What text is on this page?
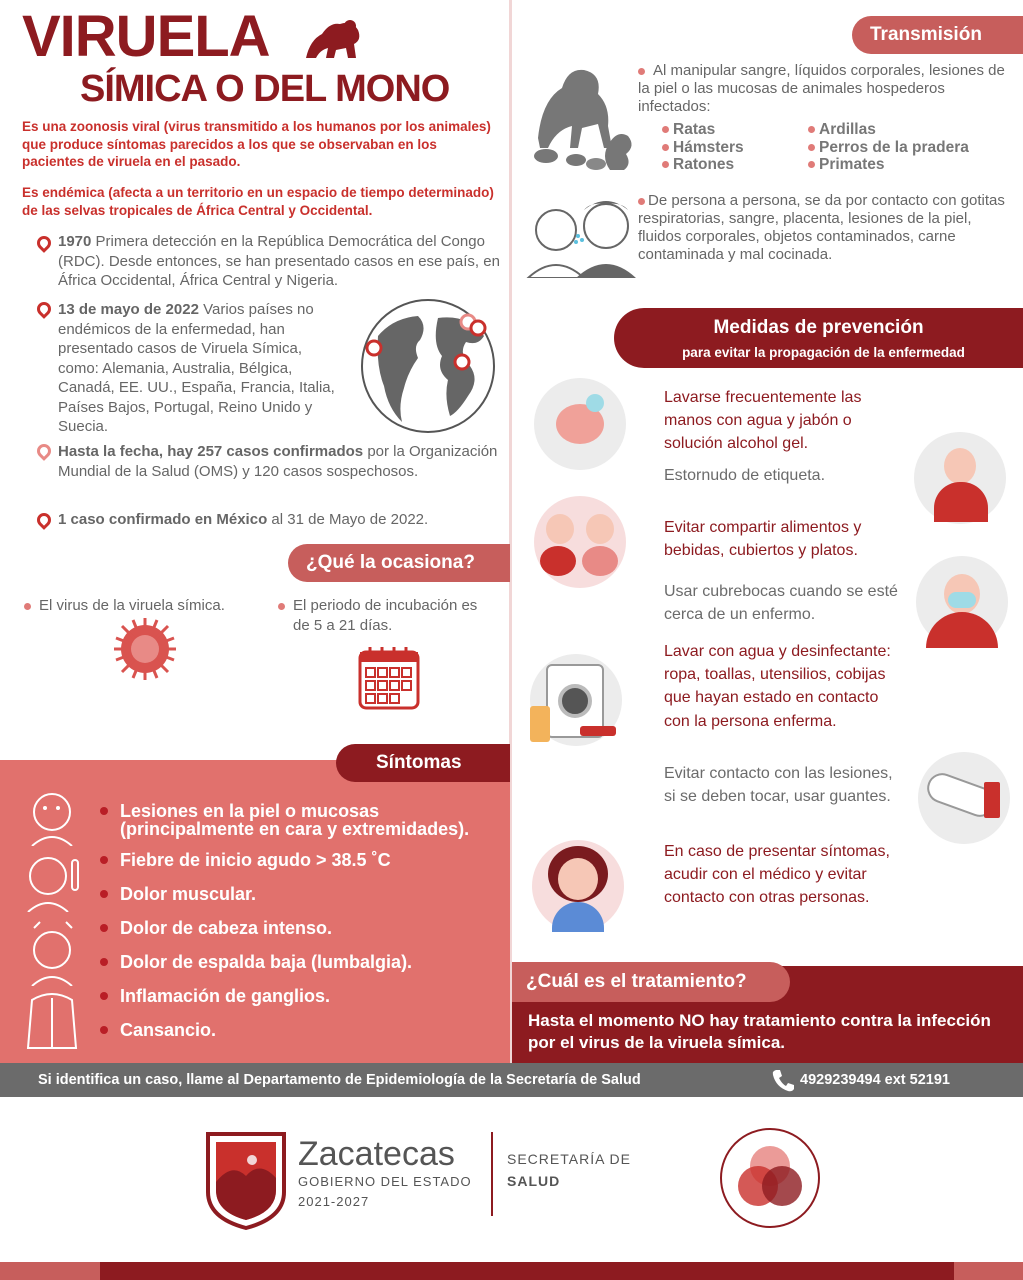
VIRUELA
SÍMICA O DEL MONO
Es una zoonosis viral (virus transmitido a los humanos por los animales) que produce síntomas parecidos a los que se observaban en los pacientes de viruela en el pasado.
Es endémica (afecta a un territorio en un espacio de tiempo determinado) de las selvas tropicales de África Central y Occidental.
1970 Primera detección en la República Democrática del Congo (RDC). Desde entonces, se han presentado casos en ese país, en África Occidental, África Central y Nigeria.
13 de mayo de 2022 Varios países no endémicos de la enfermedad, han presentado casos de Viruela Símica, como: Alemania, Australia, Bélgica, Canadá, EE. UU., España, Francia, Italia, Países Bajos, Portugal, Reino Unido y Suecia.
Hasta la fecha, hay 257 casos confirmados por la Organización Mundial de la Salud (OMS) y 120 casos sospechosos.
1 caso confirmado en México al 31 de Mayo de 2022.
¿Qué la ocasiona?
El virus de la viruela símica.	El periodo de incubación es de 5 a 21 días.
Síntomas
Lesiones en la piel o mucosas (principalmente en cara y extremidades).
Fiebre de inicio agudo > 38.5 ˚C
Dolor muscular.
Dolor de cabeza intenso.
Dolor de espalda baja (lumbalgia).
Inflamación de ganglios.
Cansancio.
Transmisión
Al manipular sangre, líquidos corporales, lesiones de la piel o las mucosas de animales hospederos infectados:
Ratas	Ardillas
Hámsters	Perros de la pradera
Ratones	Primates
De persona a persona, se da por contacto con gotitas respiratorias, sangre, placenta, lesiones de la piel, fluidos corporales, objetos contaminados, carne contaminada y mal cocinada.
Medidas de prevención
para evitar la propagación de la enfermedad
Lavarse frecuentemente las manos con agua y jabón o solución alcohol gel.
Estornudo de etiqueta.
Evitar compartir alimentos y bebidas, cubiertos y platos.
Usar cubrebocas cuando se esté cerca de un enfermo.
Lavar con agua y desinfectante: ropa, toallas, utensilios, cobijas que hayan estado en contacto con la persona enferma.
Evitar contacto con las lesiones, si se deben tocar, usar guantes.
En caso de presentar síntomas, acudir con el médico y evitar contacto con otras personas.
¿Cuál es el tratamiento?
Hasta el momento NO hay tratamiento contra la infección por el virus de la viruela símica.
Si identifica un caso, llame al Departamento de Epidemiología de la Secretaría de Salud	4929239494 ext 52191
Zacatecas
GOBIERNO DEL ESTADO
2021-2027
SECRETARÍA DE
SALUD
